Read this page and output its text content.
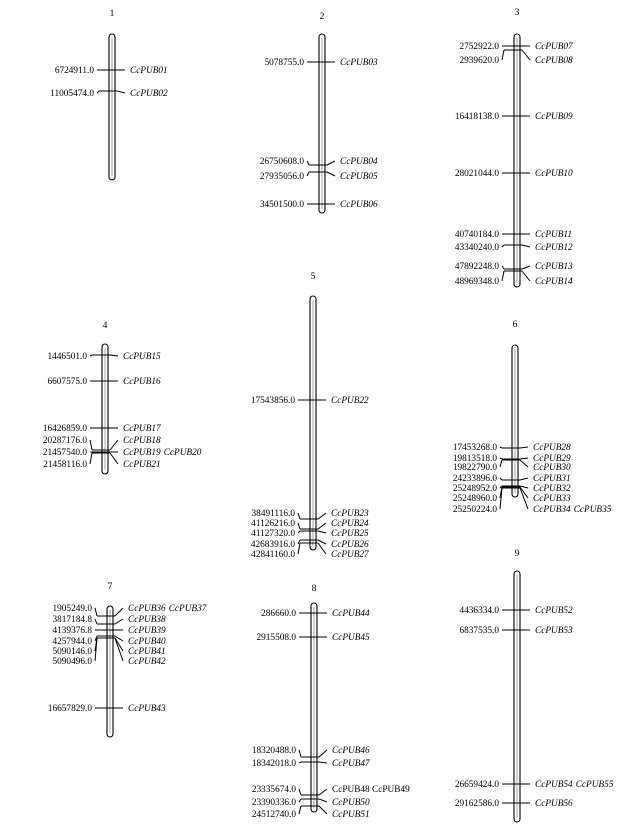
1
6724911.0	CcPUB01
11005474.0	CcPUB02
2
5078755.0	CcPUB03
26750608.0	CcPUB04
27935056.0	CcPUB05
34501500.0	CcPUB06
3
2752922.0	CcPUB07
2939620.0	CcPUB08
16418138.0	CcPUB09
28021044.0	CcPUB10
40740184.0	CcPUB11
43340240.0	CcPUB12
47892248.0	CcPUB13
48969348.0	CcPUB14
4
1446501.0	CcPUB15
6607575.0	CcPUB16
16426859.0	CcPUB17
20287176.0	CcPUB18
21457540.0	CcPUB19 CcPUB20
21458116.0	CcPUB21
5
17543856.0	CcPUB22
38491116.0	CcPUB23
41126216.0	CcPUB24
41127320.0	CcPUB25
42683916.0	CcPUB26
42841160.0	CcPUB27
6
17453268.0	CcPUB28
19813518.0	CcPUB29
19822790.0	CcPUB30
24233896.0	CcPUB31
25248952.0	CcPUB32
25248960.0	CcPUB33
25250224.0	CcPUB34 CcPUB35
7
1905249.0	CcPUB36 CcPUB37
3817184.8	CcPUB38
4139376.8	CcPUB39
4257944.0	CcPUB40
5090146.0	CcPUB41
5090496.0	CcPUB42
16657829.0	CcPUB43
8
286660.0	CcPUB44
2915508.0	CcPUB45
18320488.0	CcPUB46
18342018.0	CcPUB47
23335674.0	CcPUB48 CcPUB49
23390336.0	CcPUB50
24512740.0	CcPUB51
9
4436334.0	CcPUB52
6837535.0	CcPUB53
26659424.0	CcPUB54 CcPUB55
29162586.0	CcPUB56
